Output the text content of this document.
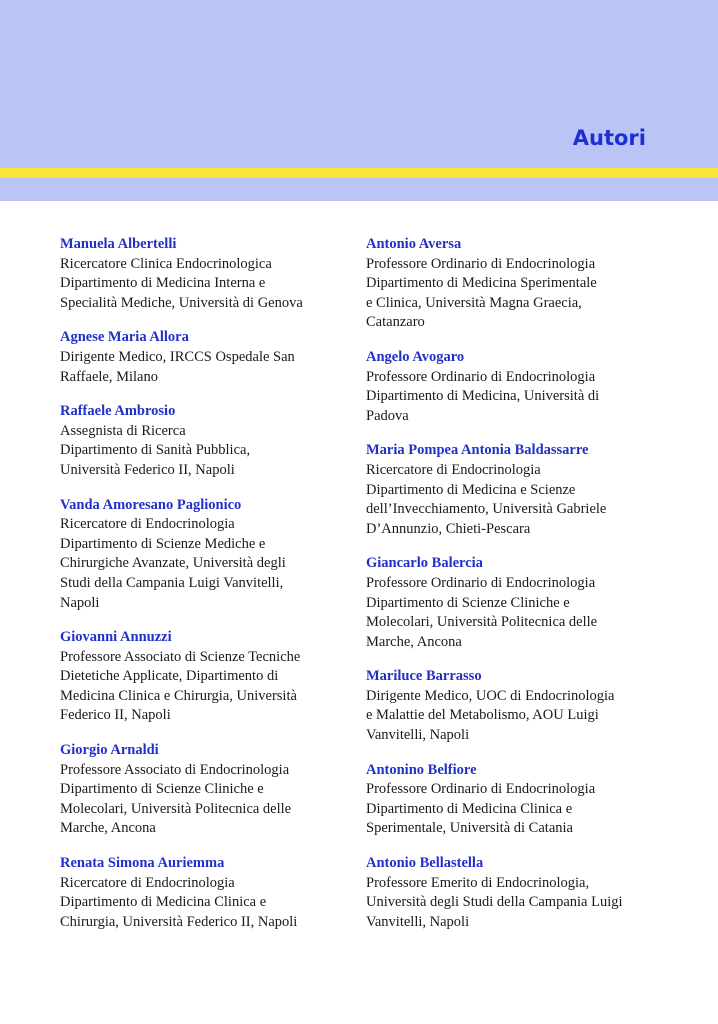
Autori
Manuela Albertelli
Ricercatore Clinica Endocrinologica
Dipartimento di Medicina Interna e
Specialità Mediche, Università di Genova
Agnese Maria Allora
Dirigente Medico, IRCCS Ospedale San
Raffaele, Milano
Raffaele Ambrosio
Assegnista di Ricerca
Dipartimento di Sanità Pubblica,
Università Federico II, Napoli
Vanda Amoresano Paglionico
Ricercatore di Endocrinologia
Dipartimento di Scienze Mediche e
Chirurgiche Avanzate, Università degli
Studi della Campania Luigi Vanvitelli,
Napoli
Giovanni Annuzzi
Professore Associato di Scienze Tecniche
Dietetiche Applicate, Dipartimento di
Medicina Clinica e Chirurgia, Università
Federico II, Napoli
Giorgio Arnaldi
Professore Associato di Endocrinologia
Dipartimento di Scienze Cliniche e
Molecolari, Università Politecnica delle
Marche, Ancona
Renata Simona Auriemma
Ricercatore di Endocrinologia
Dipartimento di Medicina Clinica e
Chirurgia, Università Federico II, Napoli
Antonio Aversa
Professore Ordinario di Endocrinologia
Dipartimento di Medicina Sperimentale
e Clinica, Università Magna Graecia,
Catanzaro
Angelo Avogaro
Professore Ordinario di Endocrinologia
Dipartimento di Medicina, Università di
Padova
Maria Pompea Antonia Baldassarre
Ricercatore di Endocrinologia
Dipartimento di Medicina e Scienze
dell’Invecchiamento, Università Gabriele
D’Annunzio, Chieti-Pescara
Giancarlo Balercia
Professore Ordinario di Endocrinologia
Dipartimento di Scienze Cliniche e
Molecolari, Università Politecnica delle
Marche, Ancona
Mariluce Barrasso
Dirigente Medico, UOC di Endocrinologia
e Malattie del Metabolismo, AOU Luigi
Vanvitelli, Napoli
Antonino Belfiore
Professore Ordinario di Endocrinologia
Dipartimento di Medicina Clinica e
Sperimentale, Università di Catania
Antonio Bellastella
Professore Emerito di Endocrinologia,
Università degli Studi della Campania Luigi
Vanvitelli, Napoli
